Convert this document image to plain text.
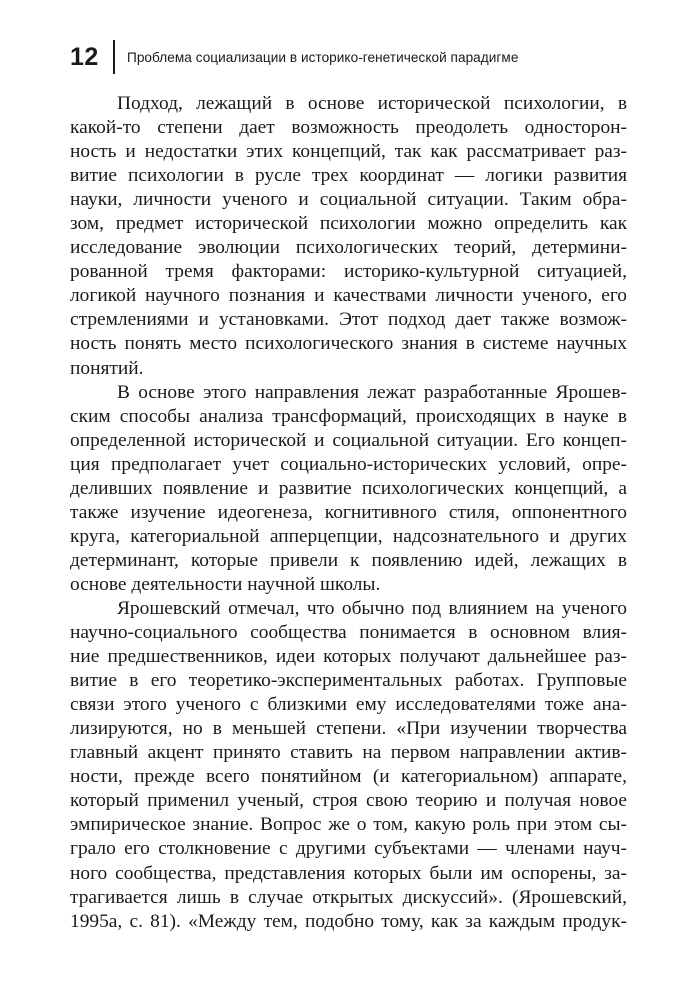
12	Проблема социализации в историко-генетической парадигме

Подход, лежащий в основе исторической психологии, в
какой-то степени дает возможность преодолеть односторон-
ность и недостатки этих концепций, так как рассматривает раз-
витие психологии в русле трех координат — логики развития
науки, личности ученого и социальной ситуации. Таким обра-
зом, предмет исторической психологии можно определить как
исследование эволюции психологических теорий, детермини-
рованной тремя факторами: историко-культурной ситуацией,
логикой научного познания и качествами личности ученого, его
стремлениями и установками. Этот подход дает также возмож-
ность понять место психологического знания в системе научных
понятий.

В основе этого направления лежат разработанные Ярошев-
ским способы анализа трансформаций, происходящих в науке в
определенной исторической и социальной ситуации. Его концеп-
ция предполагает учет социально-исторических условий, опре-
деливших появление и развитие психологических концепций, а
также изучение идеогенеза, когнитивного стиля, оппонентного
круга, категориальной апперцепции, надсознательного и других
детерминант, которые привели к появлению идей, лежащих в
основе деятельности научной школы.

Ярошевский отмечал, что обычно под влиянием на ученого
научно-социального сообщества понимается в основном влия-
ние предшественников, идеи которых получают дальнейшее раз-
витие в его теоретико-экспериментальных работах. Групповые
связи этого ученого с близкими ему исследователями тоже ана-
лизируются, но в меньшей степени. «При изучении творчества
главный акцент принято ставить на первом направлении актив-
ности, прежде всего понятийном (и категориальном) аппарате,
который применил ученый, строя свою теорию и получая новое
эмпирическое знание. Вопрос же о том, какую роль при этом сы-
грало его столкновение с другими субъектами — членами науч-
ного сообщества, представления которых были им оспорены, за-
трагивается лишь в случае открытых дискуссий». (Ярошевский,
1995а, с. 81). «Между тем, подобно тому, как за каждым продук-
